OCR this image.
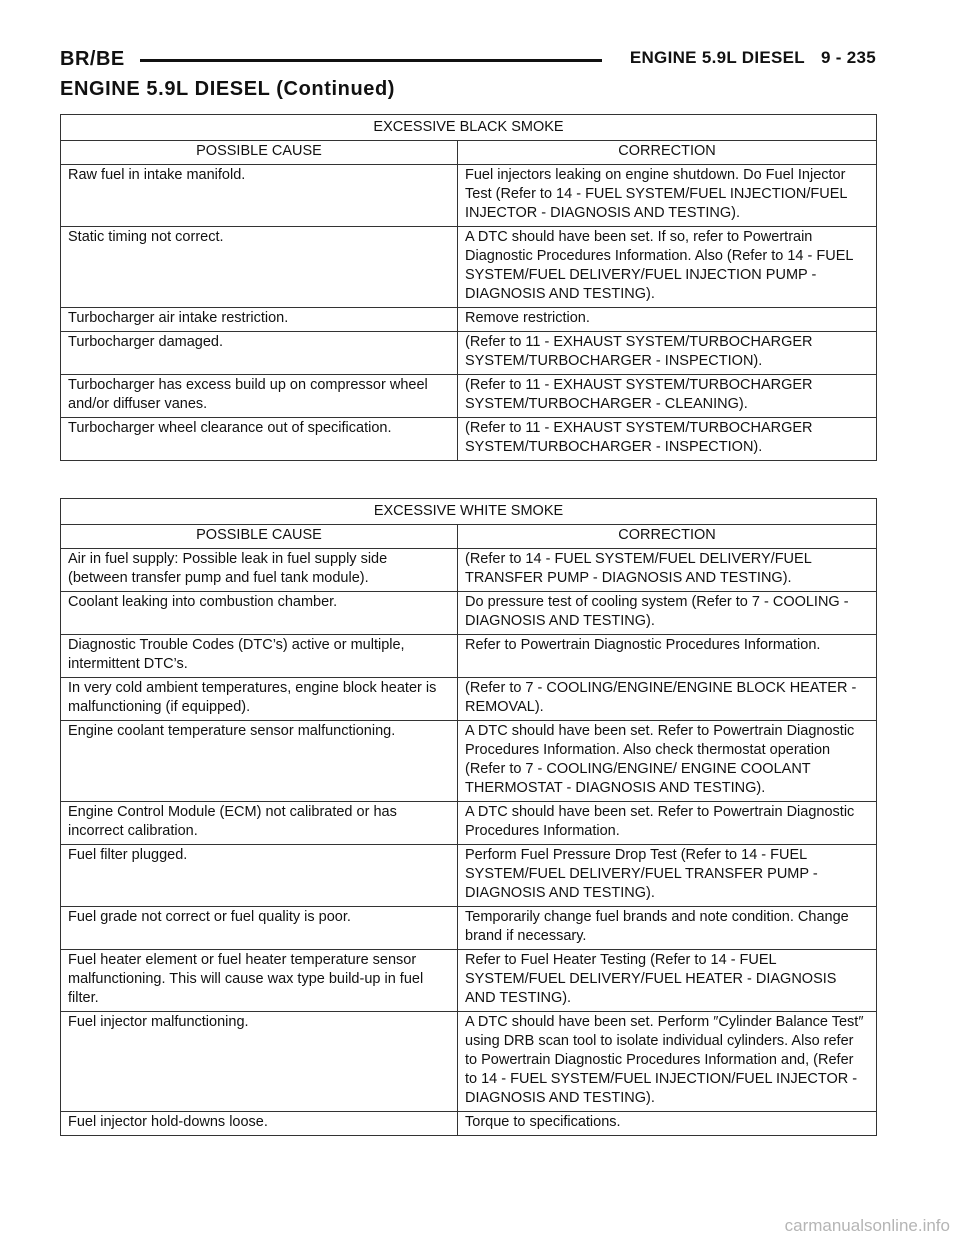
BR/BE	ENGINE 5.9L DIESEL 9 - 235
ENGINE 5.9L DIESEL (Continued)
EXCESSIVE BLACK SMOKE	
POSSIBLE CAUSE	CORRECTION
Raw fuel in intake manifold.	Fuel injectors leaking on engine shutdown. Do Fuel Injector Test (Refer to 14 - FUEL SYSTEM/FUEL INJECTION/FUEL INJECTOR - DIAGNOSIS AND TESTING).
Static timing not correct.	A DTC should have been set. If so, refer to Powertrain Diagnostic Procedures Information. Also (Refer to 14 - FUEL SYSTEM/FUEL DELIVERY/FUEL INJECTION PUMP - DIAGNOSIS AND TESTING).
Turbocharger air intake restriction.	Remove restriction.
Turbocharger damaged.	(Refer to 11 - EXHAUST SYSTEM/TURBOCHARGER SYSTEM/TURBOCHARGER - INSPECTION).
Turbocharger has excess build up on compressor wheel and/or diffuser vanes.	(Refer to 11 - EXHAUST SYSTEM/TURBOCHARGER SYSTEM/TURBOCHARGER - CLEANING).
Turbocharger wheel clearance out of specification.	(Refer to 11 - EXHAUST SYSTEM/TURBOCHARGER SYSTEM/TURBOCHARGER - INSPECTION).
EXCESSIVE WHITE SMOKE	
POSSIBLE CAUSE	CORRECTION
Air in fuel supply: Possible leak in fuel supply side (between transfer pump and fuel tank module).	(Refer to 14 - FUEL SYSTEM/FUEL DELIVERY/FUEL TRANSFER PUMP - DIAGNOSIS AND TESTING).
Coolant leaking into combustion chamber.	Do pressure test of cooling system (Refer to 7 - COOLING - DIAGNOSIS AND TESTING).
Diagnostic Trouble Codes (DTC’s) active or multiple, intermittent DTC’s.	Refer to Powertrain Diagnostic Procedures Information.
In very cold ambient temperatures, engine block heater is malfunctioning (if equipped).	(Refer to 7 - COOLING/ENGINE/ENGINE BLOCK HEATER - REMOVAL).
Engine coolant temperature sensor malfunctioning.	A DTC should have been set. Refer to Powertrain Diagnostic Procedures Information. Also check thermostat operation (Refer to 7 - COOLING/ENGINE/ ENGINE COOLANT THERMOSTAT - DIAGNOSIS AND TESTING).
Engine Control Module (ECM) not calibrated or has incorrect calibration.	A DTC should have been set. Refer to Powertrain Diagnostic Procedures Information.
Fuel filter plugged.	Perform Fuel Pressure Drop Test (Refer to 14 - FUEL SYSTEM/FUEL DELIVERY/FUEL TRANSFER PUMP - DIAGNOSIS AND TESTING).
Fuel grade not correct or fuel quality is poor.	Temporarily change fuel brands and note condition. Change brand if necessary.
Fuel heater element or fuel heater temperature sensor malfunctioning. This will cause wax type build-up in fuel filter.	Refer to Fuel Heater Testing (Refer to 14 - FUEL SYSTEM/FUEL DELIVERY/FUEL HEATER - DIAGNOSIS AND TESTING).
Fuel injector malfunctioning.	A DTC should have been set. Perform ″Cylinder Balance Test″ using DRB scan tool to isolate individual cylinders. Also refer to Powertrain Diagnostic Procedures Information and, (Refer to 14 - FUEL SYSTEM/FUEL INJECTION/FUEL INJECTOR - DIAGNOSIS AND TESTING).
Fuel injector hold-downs loose.	Torque to specifications.
carmanualsonline.info
